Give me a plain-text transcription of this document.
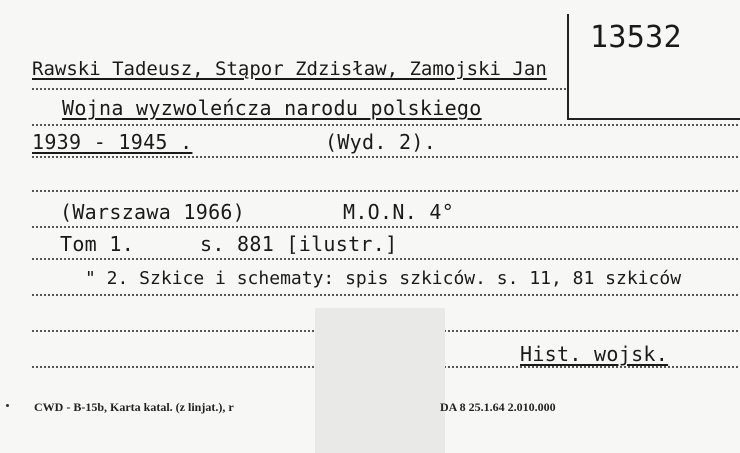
13532
Rawski Tadeusz, Stąpor Zdzisław, Zamojski Jan
Wojna wyzwoleńcza narodu polskiego
1939 - 1945 .	(Wyd. 2).
(Warszawa 1966)	M.O.N. 4°
Tom 1.	s. 881 [ilustr.]
" 2. Szkice i schematy: spis szkiców. s. 11, 81 szkiców
Hist. wojsk.
CWD - B-15b, Karta katal. (z linjat.), r	DA 8 25.1.64 2.010.000
